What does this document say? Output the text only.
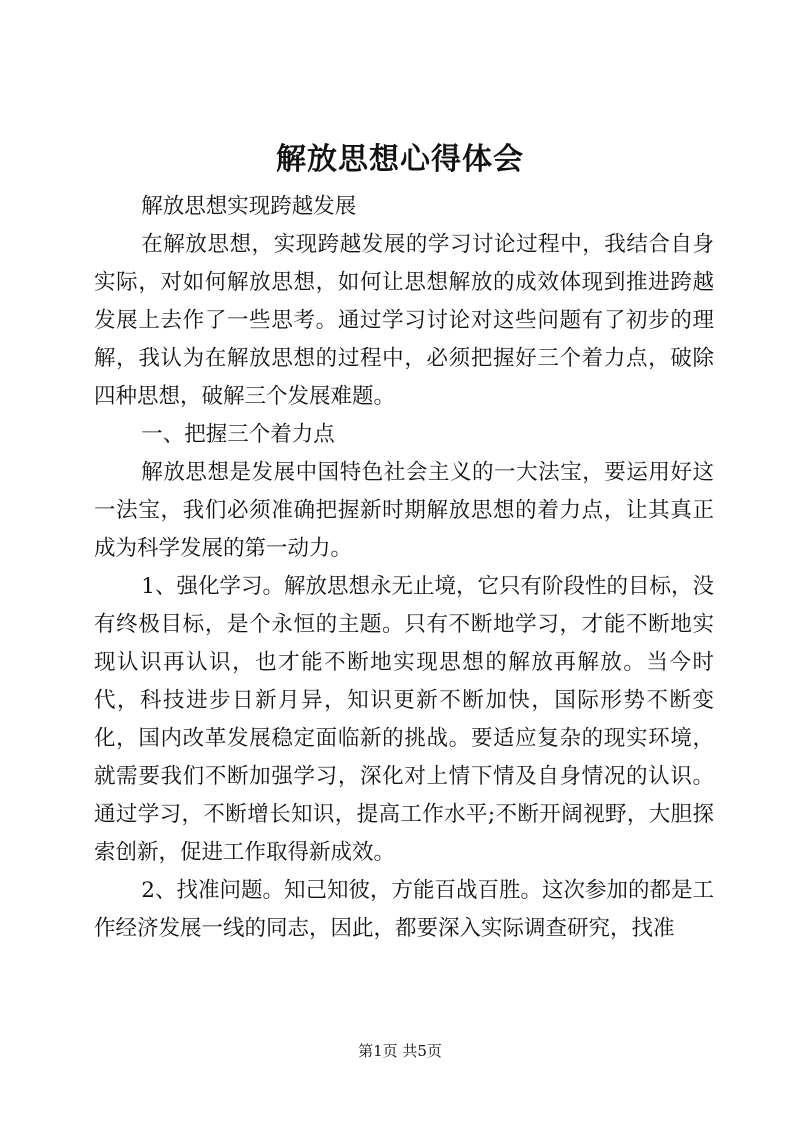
解放思想心得体会

解放思想实现跨越发展

在解放思想，实现跨越发展的学习讨论过程中，我结合自身实际，对如何解放思想，如何让思想解放的成效体现到推进跨越发展上去作了一些思考。通过学习讨论对这些问题有了初步的理解，我认为在解放思想的过程中，必须把握好三个着力点，破除四种思想，破解三个发展难题。

一、把握三个着力点

解放思想是发展中国特色社会主义的一大法宝，要运用好这一法宝，我们必须准确把握新时期解放思想的着力点，让其真正成为科学发展的第一动力。

1、强化学习。解放思想永无止境，它只有阶段性的目标，没有终极目标，是个永恒的主题。只有不断地学习，才能不断地实现认识再认识，也才能不断地实现思想的解放再解放。当今时代，科技进步日新月异，知识更新不断加快，国际形势不断变化，国内改革发展稳定面临新的挑战。要适应复杂的现实环境，就需要我们不断加强学习，深化对上情下情及自身情况的认识。通过学习，不断增长知识，提高工作水平;不断开阔视野，大胆探索创新，促进工作取得新成效。

2、找准问题。知己知彼，方能百战百胜。这次参加的都是工作经济发展一线的同志，因此，都要深入实际调查研究，找准

第1页 共5页
